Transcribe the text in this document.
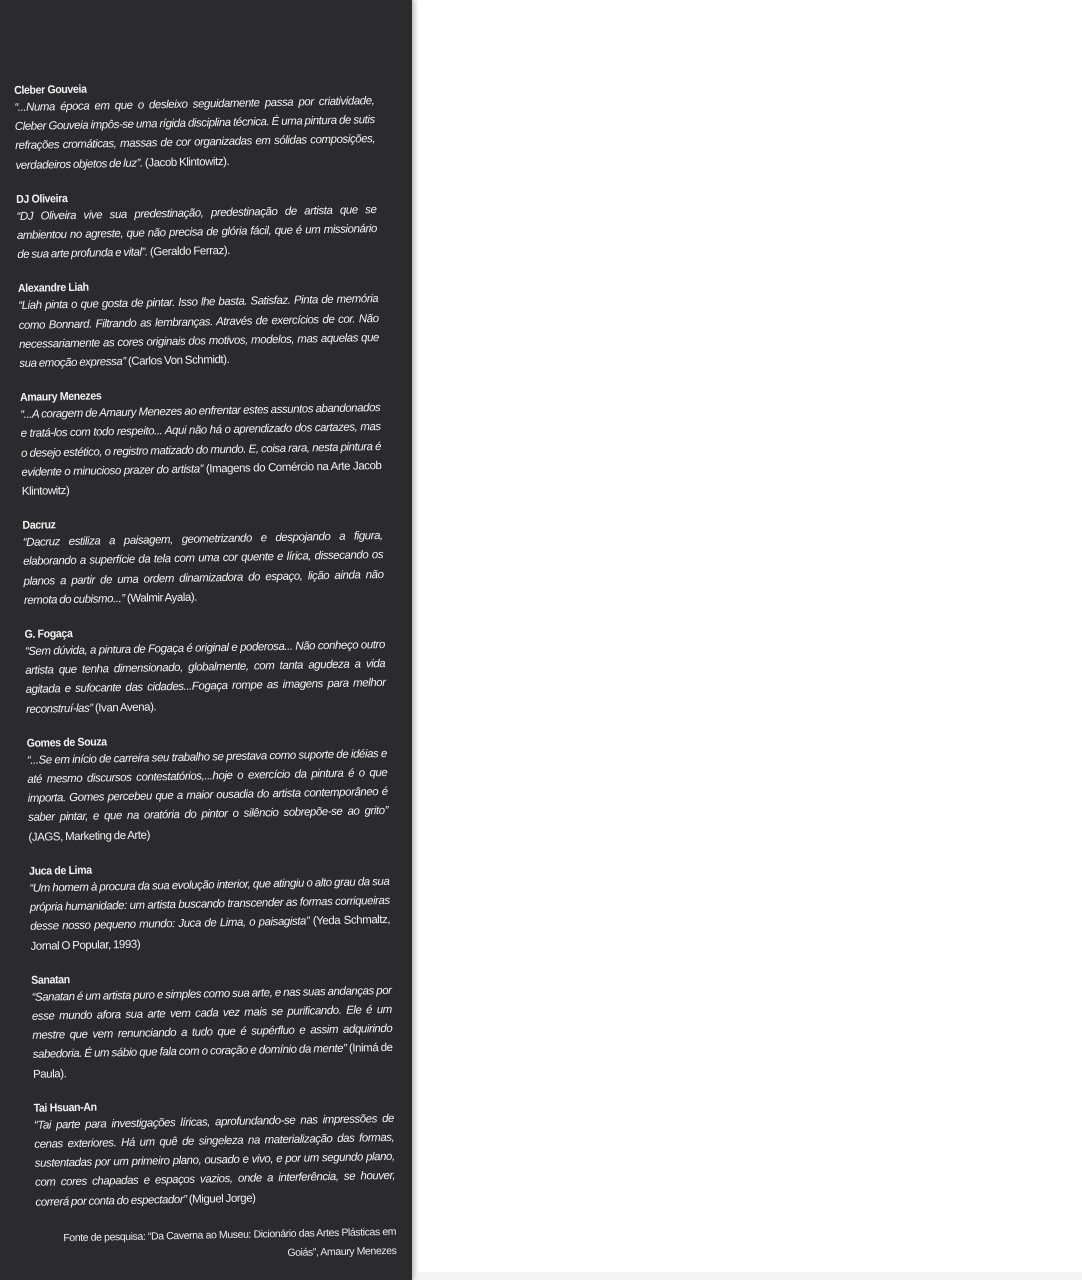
Cleber Gouveia
“...Numa época em que o desleixo seguidamente passa por criatividade, Cleber Gouveia impôs-se uma rígida disciplina técnica. É uma pintura de sutis refrações cromáticas, massas de cor organizadas em sólidas composições, verdadeiros objetos de luz”. (Jacob Klintowitz).
DJ Oliveira
“DJ Oliveira vive sua predestinação, predestinação de artista que se ambientou no agreste, que não precisa de glória fácil, que é um missionário de sua arte profunda e vital”. (Geraldo Ferraz).
Alexandre Liah
“Liah pinta o que gosta de pintar. Isso lhe basta. Satisfaz. Pinta de memória como Bonnard. Filtrando as lembranças. Através de exercícios de cor. Não necessariamente as cores originais dos motivos, modelos, mas aquelas que sua emoção expressa” (Carlos Von Schmidt).
Amaury Menezes
“...A coragem de Amaury Menezes ao enfrentar estes assuntos abandonados e tratá-los com todo respeito... Aqui não há o aprendizado dos cartazes, mas o desejo estético, o registro matizado do mundo. E, coisa rara, nesta pintura é evidente o minucioso prazer do artista” (Imagens do Comércio na Arte Jacob Klintowitz)
Dacruz
“Dacruz estiliza a paisagem, geometrizando e despojando a figura, elaborando a superfície da tela com uma cor quente e lírica, dissecando os planos a partir de uma ordem dinamizadora do espaço, lição ainda não remota do cubismo...” (Walmir Ayala).
G. Fogaça
“Sem dúvida, a pintura de Fogaça é original e poderosa... Não conheço outro artista que tenha dimensionado, globalmente, com tanta agudeza a vida agitada e sufocante das cidades...Fogaça rompe as imagens para melhor reconstruí-las” (Ivan Avena).
Gomes de Souza
“...Se em início de carreira seu trabalho se prestava como suporte de idéias e até mesmo discursos contestatórios,...hoje o exercício da pintura é o que importa. Gomes percebeu que a maior ousadia do artista contemporâneo é saber pintar, e que na oratória do pintor o silêncio sobrepõe-se ao grito” (JAGS, Marketing de Arte)
Juca de Lima
“Um homem à procura da sua evolução interior, que atingiu o alto grau da sua própria humanidade: um artista buscando transcender as formas corriqueiras desse nosso pequeno mundo: Juca de Lima, o paisagista” (Yeda Schmaltz, Jornal O Popular, 1993)
Sanatan
“Sanatan é um artista puro e simples como sua arte, e nas suas andanças por esse mundo afora sua arte vem cada vez mais se purificando. Ele é um mestre que vem renunciando a tudo que é supérfluo e assim adquirindo sabedoria. É um sábio que fala com o coração e domínio da mente” (Inimá de Paula).
Tai Hsuan-An
“Tai parte para investigações líricas, aprofundando-se nas impressões de cenas exteriores. Há um quê de singeleza na materialização das formas, sustentadas por um primeiro plano, ousado e vivo, e por um segundo plano, com cores chapadas e espaços vazios, onde a interferência, se houver, correrá por conta do espectador” (Miguel Jorge)
Fonte de pesquisa: “Da Caverna ao Museu: Dicionário das Artes Plásticas em Goiás”, Amaury Menezes
